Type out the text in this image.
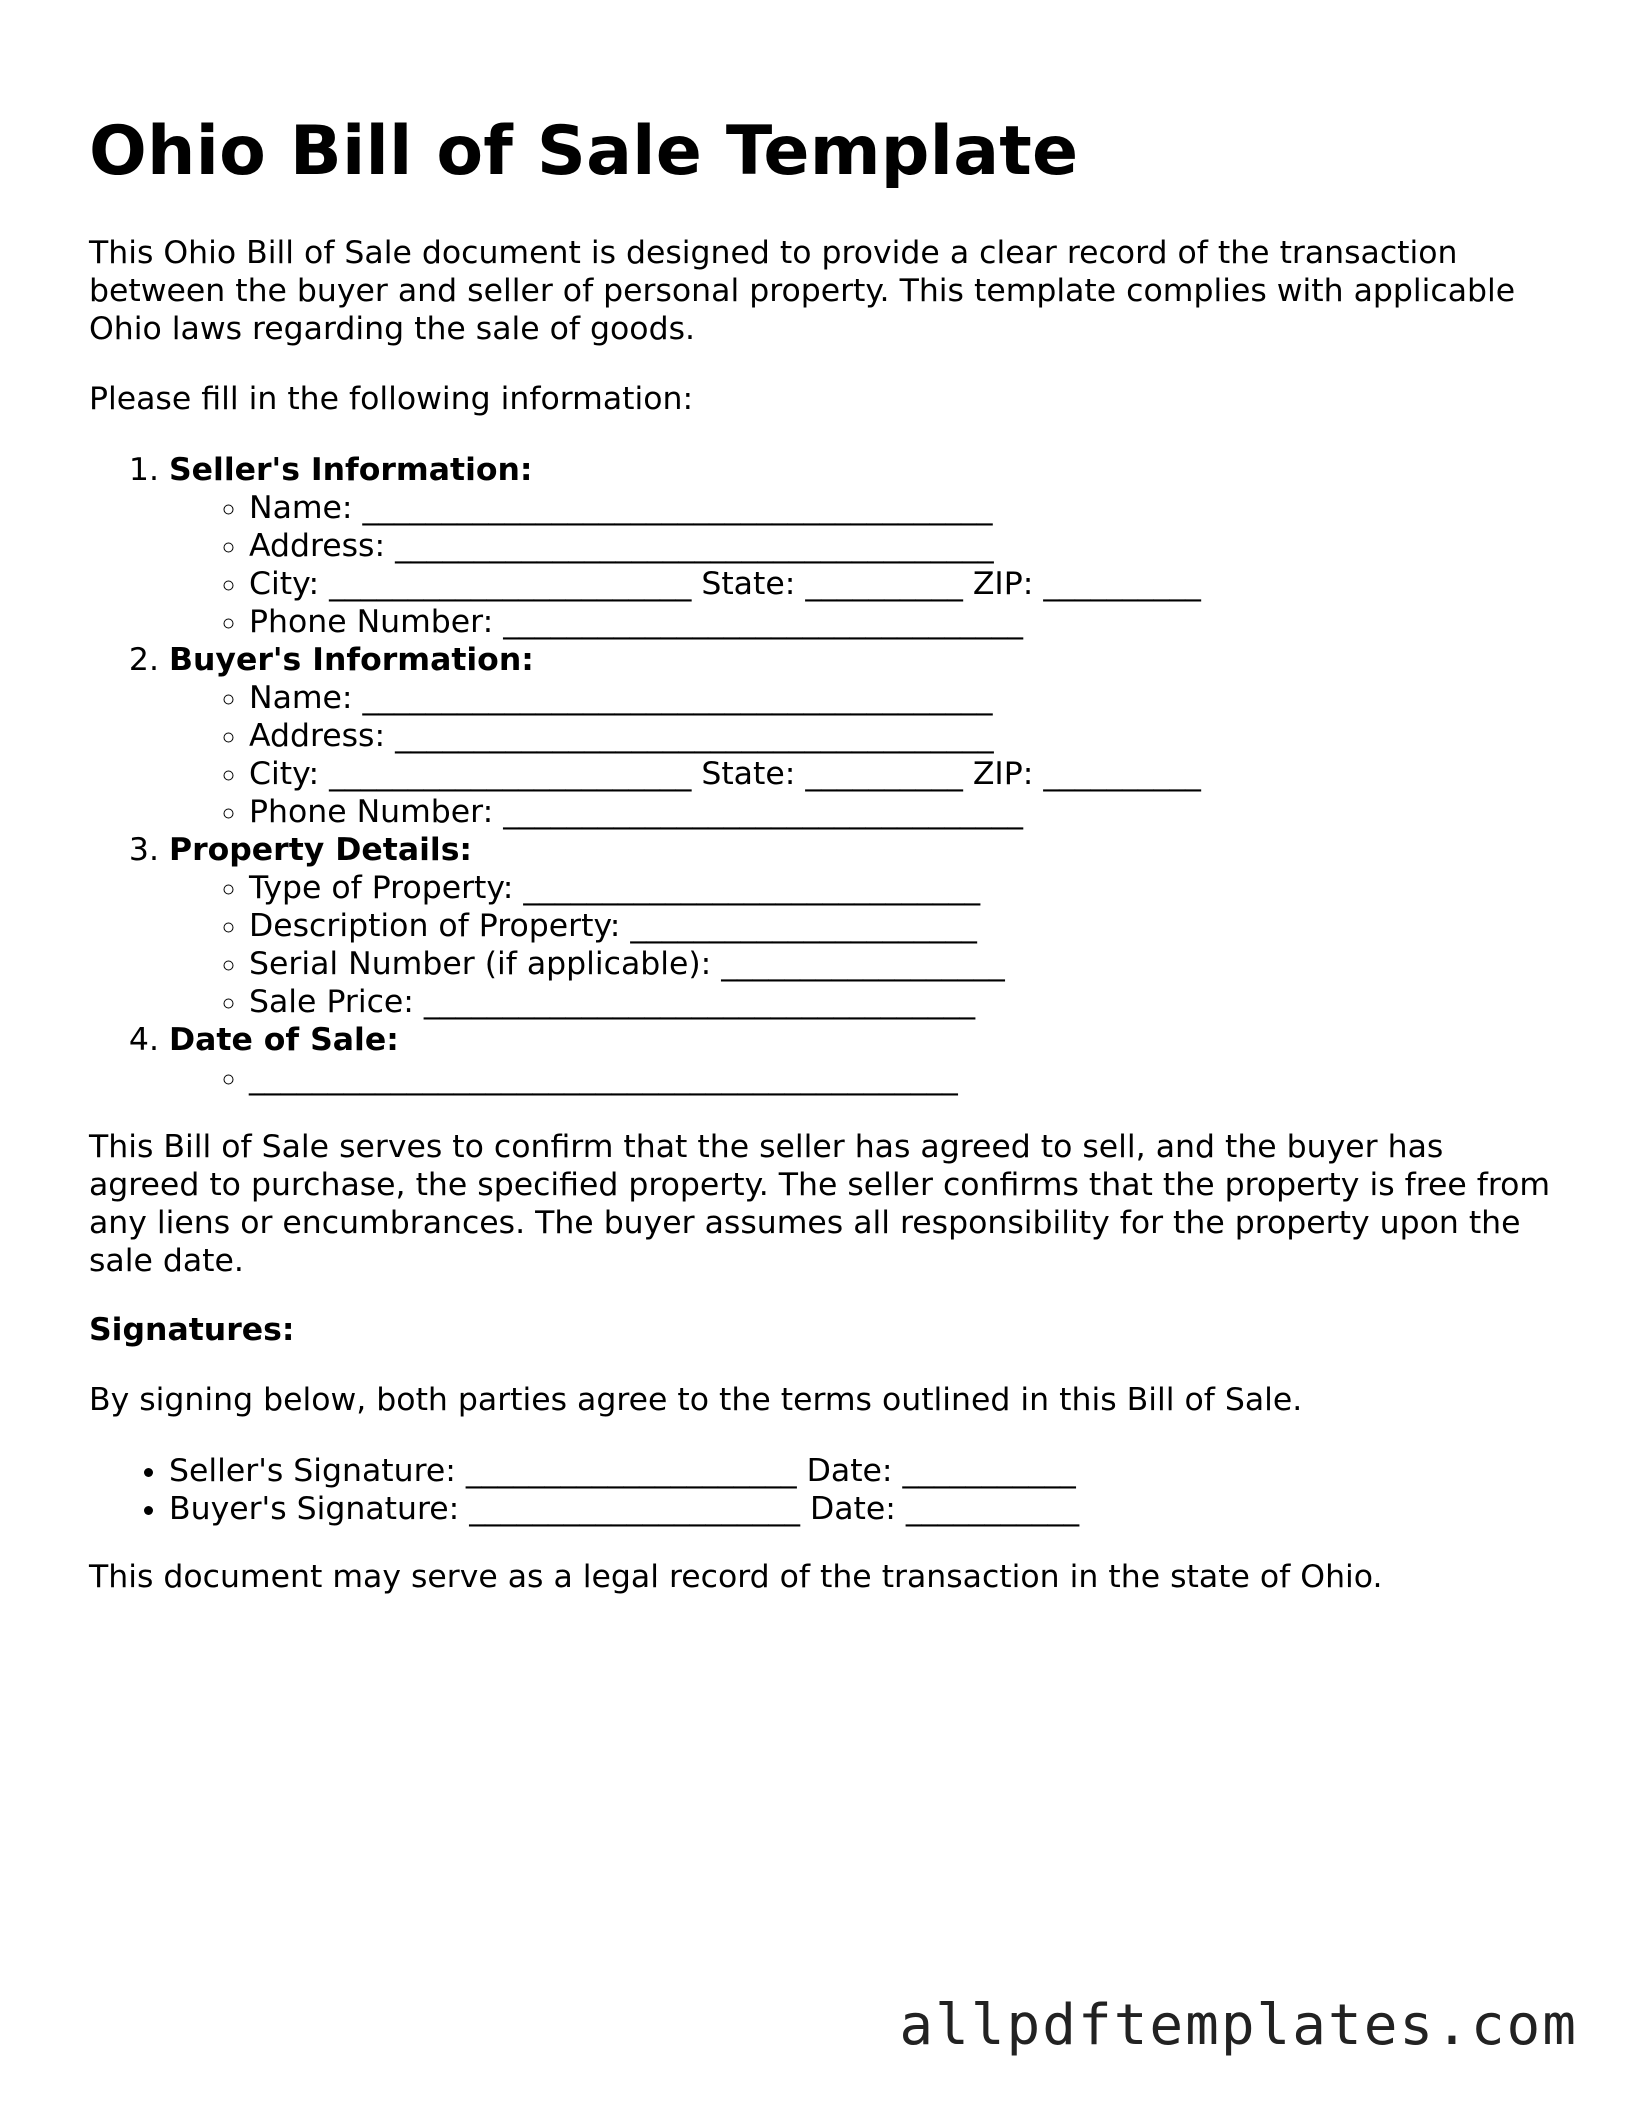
Ohio Bill of Sale Template

This Ohio Bill of Sale document is designed to provide a clear record of the transaction between the buyer and seller of personal property. This template complies with applicable Ohio laws regarding the sale of goods.

Please fill in the following information:

1. Seller's Information:
◦ Name: ________________________________________
◦ Address: ______________________________________
◦ City: _______________________ State: __________ ZIP: __________
◦ Phone Number: _________________________________
2. Buyer's Information:
◦ Name: ________________________________________
◦ Address: ______________________________________
◦ City: _______________________ State: __________ ZIP: __________
◦ Phone Number: _________________________________
3. Property Details:
◦ Type of Property: _____________________________
◦ Description of Property: ______________________
◦ Serial Number (if applicable): __________________
◦ Sale Price: ___________________________________
4. Date of Sale:
◦ _____________________________________________

This Bill of Sale serves to confirm that the seller has agreed to sell, and the buyer has agreed to purchase, the specified property. The seller confirms that the property is free from any liens or encumbrances. The buyer assumes all responsibility for the property upon the sale date.

Signatures:

By signing below, both parties agree to the terms outlined in this Bill of Sale.

• Seller's Signature: _____________________ Date: ___________
• Buyer's Signature: _____________________ Date: ___________

This document may serve as a legal record of the transaction in the state of Ohio.

allpdftemplates.com
